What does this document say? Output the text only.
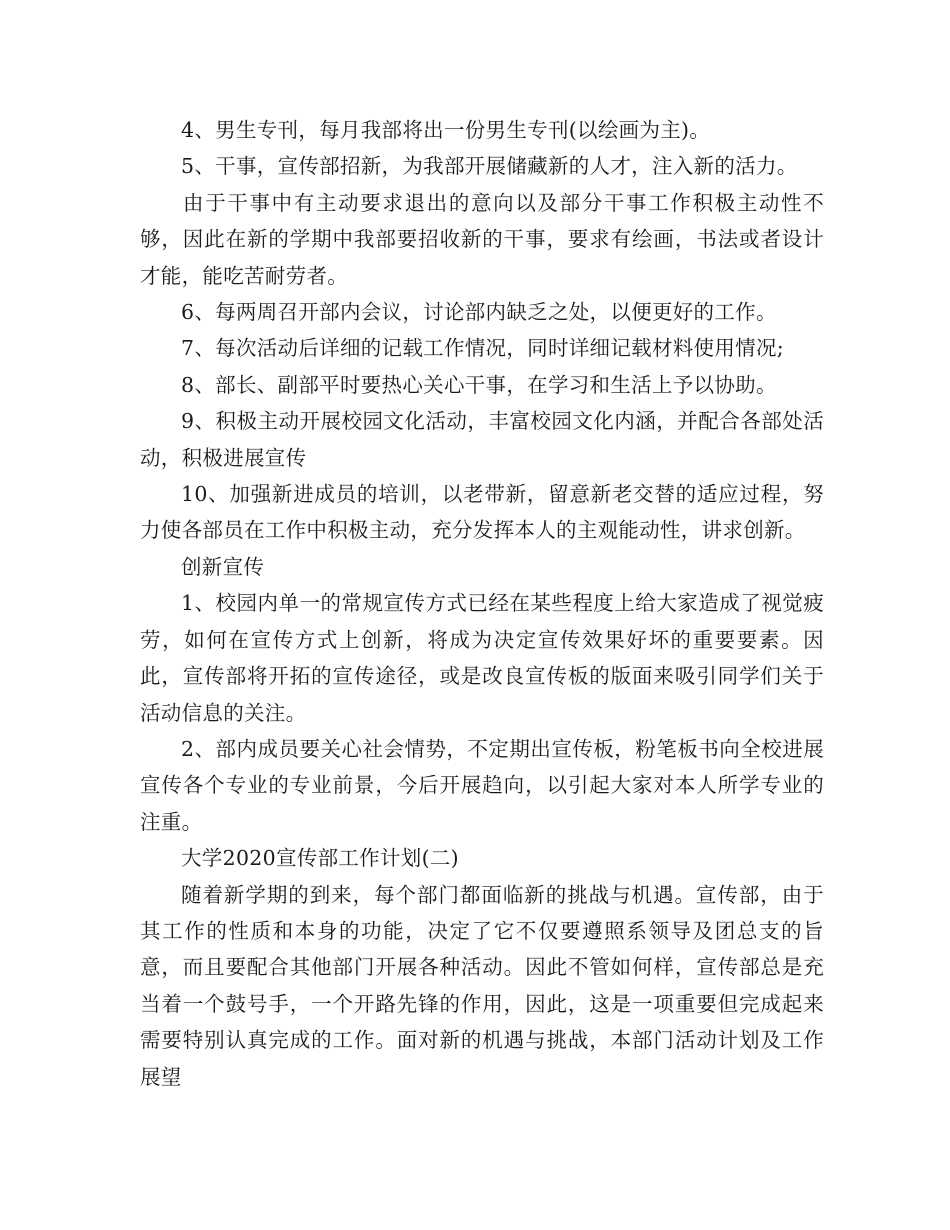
4、男生专刊，每月我部将出一份男生专刊(以绘画为主)。

5、干事，宣传部招新，为我部开展储藏新的人才，注入新的活力。

由于干事中有主动要求退出的意向以及部分干事工作积极主动性不够，因此在新的学期中我部要招收新的干事，要求有绘画，书法或者设计才能，能吃苦耐劳者。

6、每两周召开部内会议，讨论部内缺乏之处，以便更好的工作。

7、每次活动后详细的记载工作情况，同时详细记载材料使用情况;

8、部长、副部平时要热心关心干事，在学习和生活上予以协助。

9、积极主动开展校园文化活动，丰富校园文化内涵，并配合各部处活动，积极进展宣传

10、加强新进成员的培训，以老带新，留意新老交替的适应过程，努力使各部员在工作中积极主动，充分发挥本人的主观能动性，讲求创新。

创新宣传

1、校园内单一的常规宣传方式已经在某些程度上给大家造成了视觉疲劳，如何在宣传方式上创新，将成为决定宣传效果好坏的重要要素。因此，宣传部将开拓的宣传途径，或是改良宣传板的版面来吸引同学们关于活动信息的关注。

2、部内成员要关心社会情势，不定期出宣传板，粉笔板书向全校进展宣传各个专业的专业前景，今后开展趋向，以引起大家对本人所学专业的注重。

大学2020宣传部工作计划(二)

随着新学期的到来，每个部门都面临新的挑战与机遇。宣传部，由于其工作的性质和本身的功能，决定了它不仅要遵照系领导及团总支的旨意，而且要配合其他部门开展各种活动。因此不管如何样，宣传部总是充当着一个鼓号手，一个开路先锋的作用，因此，这是一项重要但完成起来需要特别认真完成的工作。面对新的机遇与挑战，本部门活动计划及工作展望
